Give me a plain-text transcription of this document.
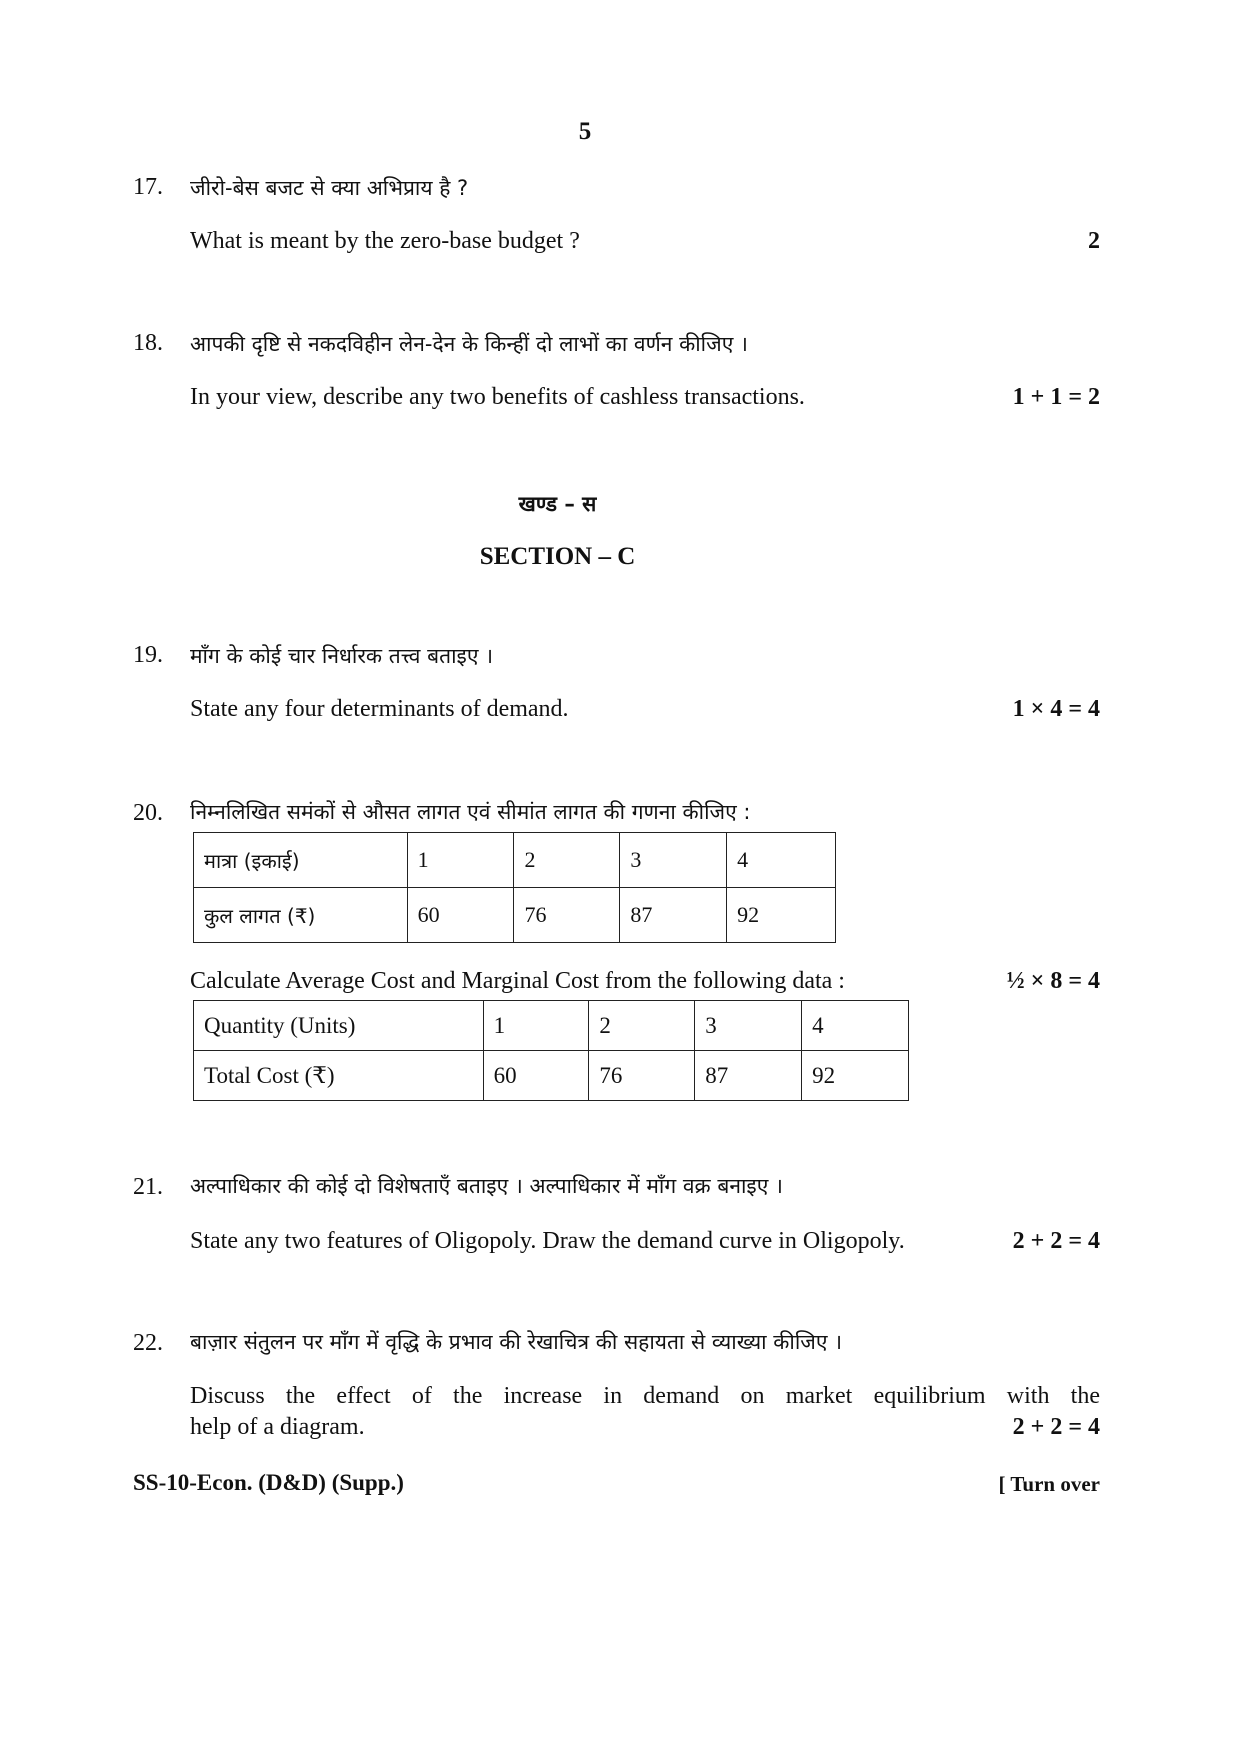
5
17. जीरो-बेस बजट से क्या अभिप्राय है ?
What is meant by the zero-base budget ?	2
18. आपकी दृष्टि से नकदविहीन लेन-देन के किन्हीं दो लाभों का वर्णन कीजिए ।
In your view, describe any two benefits of cashless transactions.	1 + 1 = 2
खण्ड – स
SECTION – C
19. माँग के कोई चार निर्धारक तत्त्व बताइए ।
State any four determinants of demand.	1 × 4 = 4
20. निम्नलिखित समंकों से औसत लागत एवं सीमांत लागत की गणना कीजिए :
मात्रा (इकाई)	1	2	3	4
कुल लागत (₹)	60	76	87	92
Calculate Average Cost and Marginal Cost from the following data :	½ × 8 = 4
Quantity (Units)	1	2	3	4
Total Cost (₹)	60	76	87	92
21. अल्पाधिकार की कोई दो विशेषताएँ बताइए । अल्पाधिकार में माँग वक्र बनाइए ।
State any two features of Oligopoly. Draw the demand curve in Oligopoly.	2 + 2 = 4
22. बाज़ार संतुलन पर माँग में वृद्धि के प्रभाव की रेखाचित्र की सहायता से व्याख्या कीजिए ।
Discuss the effect of the increase in demand on market equilibrium with the
help of a diagram.	2 + 2 = 4
SS-10-Econ. (D&D) (Supp.)	[ Turn over
